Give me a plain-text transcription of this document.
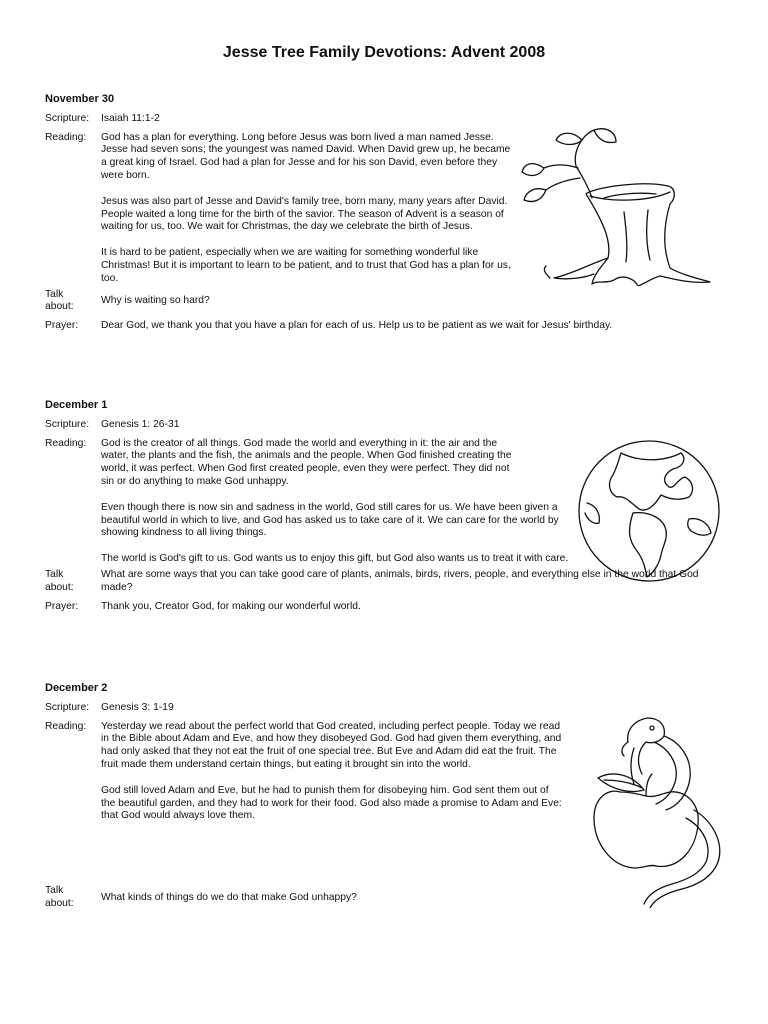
Jesse Tree Family Devotions: Advent 2008
November 30
Scripture:	Isaiah 11:1-2
Reading:	God has a plan for everything. Long before Jesus was born lived a man named Jesse. Jesse had seven sons; the youngest was named David. When David grew up, he became a great king of Israel. God had a plan for Jesse and for his son David, even before they were born.

Jesus was also part of Jesse and David's family tree, born many, many years after David. People waited a long time for the birth of the savior. The season of Advent is a season of waiting for us, too. We wait for Christmas, the day we celebrate the birth of Jesus.

It is hard to be patient, especially when we are waiting for something wonderful like Christmas! But it is important to learn to be patient, and to trust that God has a plan for us, too.

Talk
about:
Why is waiting so hard?
Prayer:	Dear God, we thank you that you have a plan for each of us. Help us to be patient as we wait for Jesus' birthday.
December 1
Scripture:	Genesis 1: 26-31
Reading:	God is the creator of all things. God made the world and everything in it: the air and the water, the plants and the fish, the animals and the people. When God finished creating the world, it was perfect. When God first created people, even they were perfect. They did not sin or do anything to make God unhappy.

Even though there is now sin and sadness in the world, God still cares for us. We have been given a beautiful world in which to live, and God has asked us to take care of it. We can care for the world by showing kindness to all living things.

The world is God's gift to us. God wants us to enjoy this gift, but God also wants us to treat it with care.

Talk
about:
What are some ways that you can take good care of plants, animals, birds, rivers, people, and everything else in the world that God made?
Prayer:	Thank you, Creator God, for making our wonderful world.
December 2
Scripture:	Genesis 3: 1-19
Reading:	Yesterday we read about the perfect world that God created, including perfect people. Today we read in the Bible about Adam and Eve, and how they disobeyed God. God had given them everything, and had only asked that they not eat the fruit of one special tree. But Eve and Adam did eat the fruit. The fruit made them understand certain things, but eating it brought sin into the world.

God still loved Adam and Eve, but he had to punish them for disobeying him. God sent them out of the beautiful garden, and they had to work for their food. God also made a promise to Adam and Eve: that God would always love them.

Talk
about:
What kinds of things do we do that make God unhappy?
